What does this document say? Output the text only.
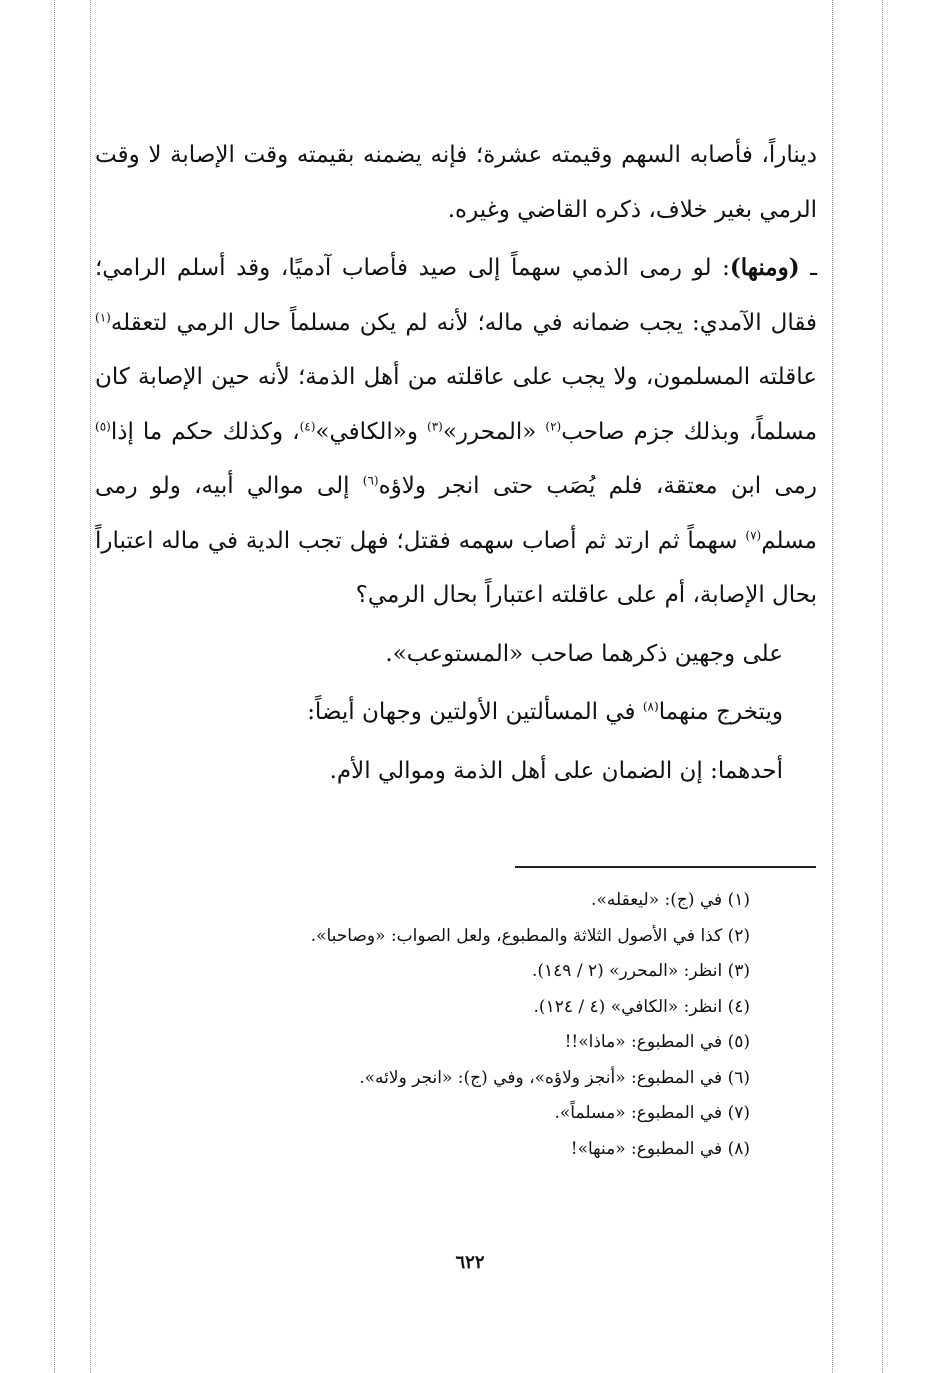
ديناراً، فأصابه السهم وقيمته عشرة؛ فإنه يضمنه بقيمته وقت الإصابة لا وقت الرمي بغير خلاف، ذكره القاضي وغيره.

ـ (ومنها): لو رمى الذمي سهماً إلى صيد فأصاب آدميًا، وقد أسلم الرامي؛ فقال الآمدي: يجب ضمانه في ماله؛ لأنه لم يكن مسلماً حال الرمي لتعقله$^{(١)}$ عاقلته المسلمون، ولا يجب على عاقلته من أهل الذمة؛ لأنه حين الإصابة كان مسلماً، وبذلك جزم صاحب$^{(٢)}$ «المحرر»$^{(٣)}$ و«الكافي»$^{(٤)}$، وكذلك حكم ما إذا$^{(٥)}$ رمى ابن معتقة، فلم يُصَب حتى انجر ولاؤه$^{(٦)}$ إلى موالي أبيه، ولو رمى مسلم$^{(٧)}$ سهماً ثم ارتد ثم أصاب سهمه فقتل؛ فهل تجب الدية في ماله اعتباراً بحال الإصابة، أم على عاقلته اعتباراً بحال الرمي؟

على وجهين ذكرهما صاحب «المستوعب».

ويتخرج منهما$^{(٨)}$ في المسألتين الأولتين وجهان أيضاً:

أحدهما: إن الضمان على أهل الذمة وموالي الأم.

(١) في (ج): «ليعقله».
(٢) كذا في الأصول الثلاثة والمطبوع، ولعل الصواب: «وصاحبا».
(٣) انظر: «المحرر» (٢ / ١٤٩).
(٤) انظر: «الكافي» (٤ / ١٢٤).
(٥) في المطبوع: «ماذا»!!
(٦) في المطبوع: «أنجز ولاؤه»، وفي (ج): «انجر ولائه».
(٧) في المطبوع: «مسلماً».
(٨) في المطبوع: «منها»!
٦٢٢
